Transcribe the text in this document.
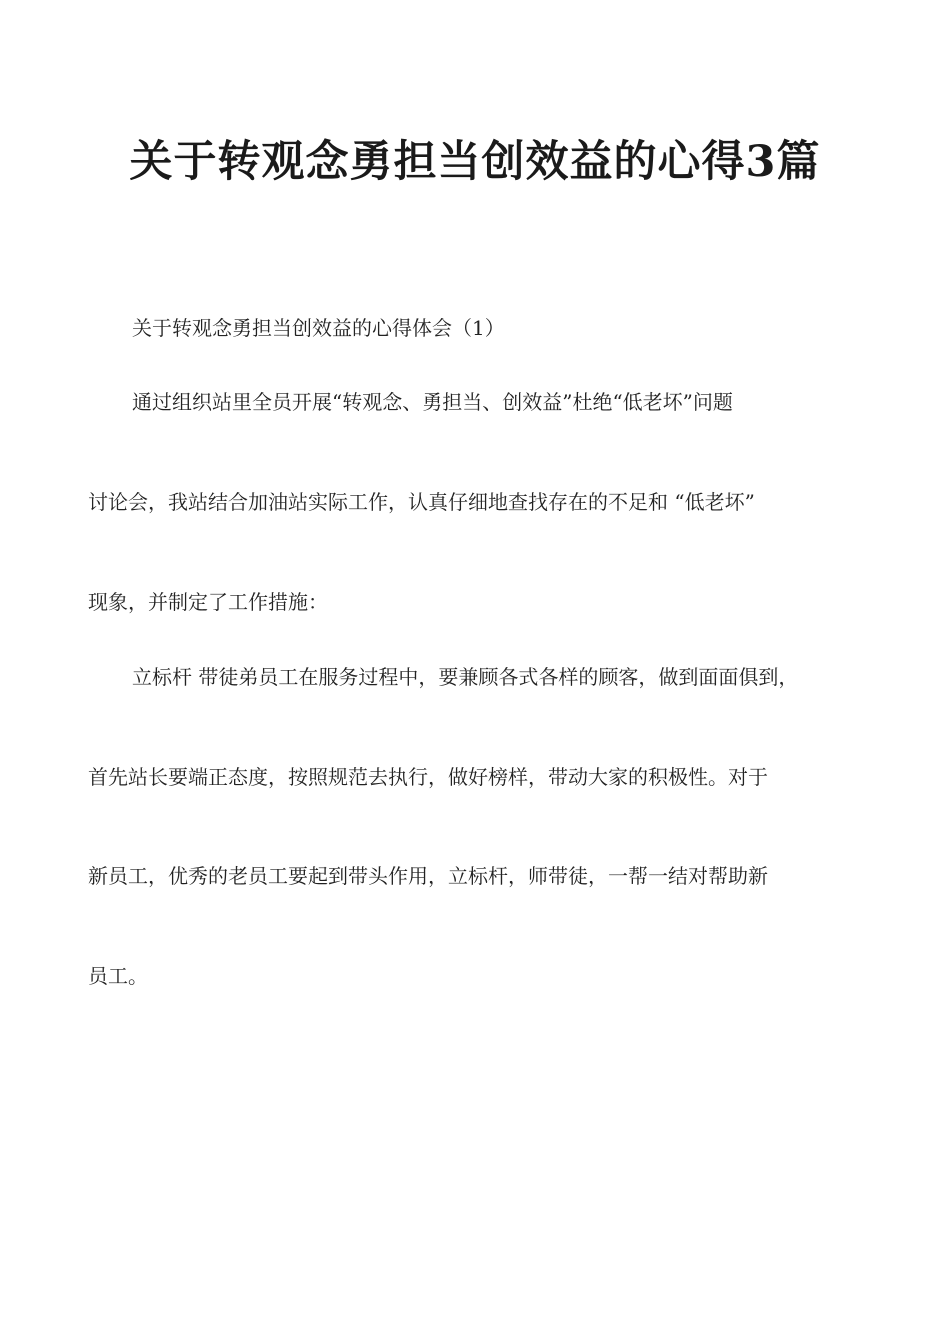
关于转观念勇担当创效益的心得3篇
关于转观念勇担当创效益的心得体会（1）
通过组织站里全员开展“转观念、勇担当、创效益”杜绝“低老坏”问题
讨论会，我站结合加油站实际工作，认真仔细地查找存在的不足和 “低老坏”
现象，并制定了工作措施：
立标杆 带徒弟员工在服务过程中，要兼顾各式各样的顾客，做到面面俱到，
首先站长要端正态度，按照规范去执行，做好榜样，带动大家的积极性。对于
新员工，优秀的老员工要起到带头作用，立标杆，师带徒，一帮一结对帮助新
员工。
